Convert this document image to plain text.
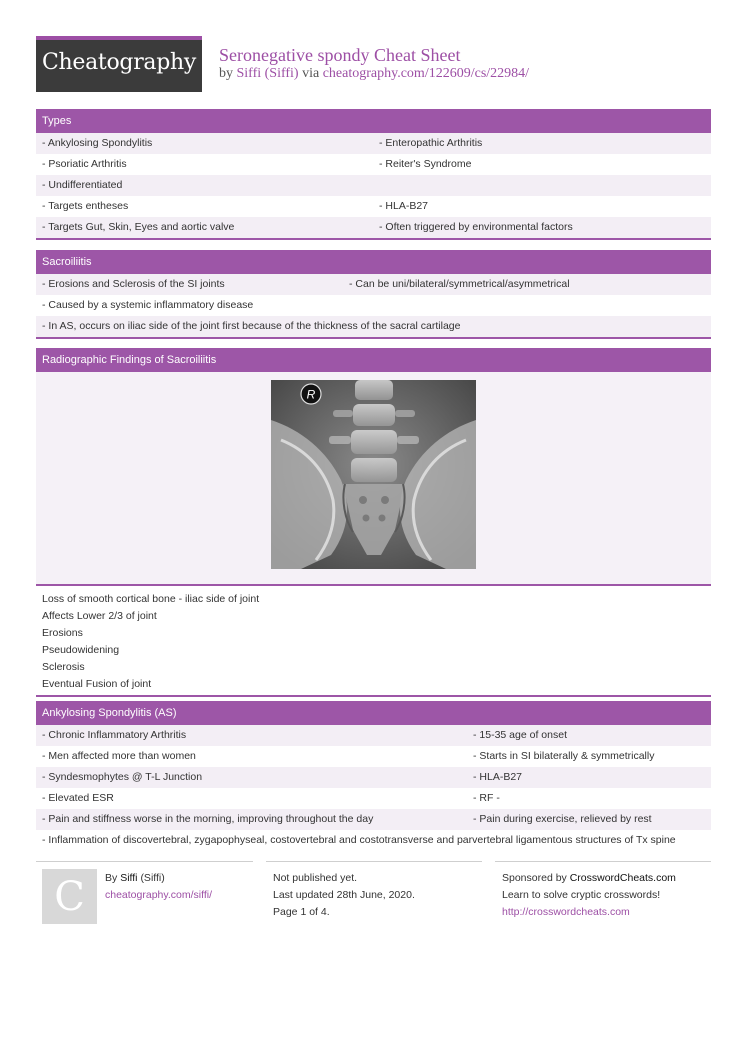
Cheatography	Seronegative spondy Cheat Sheet
by Siffi (Siffi) via cheatography.com/122609/cs/22984/
Types
- Ankylosing Spondylitis	- Enteropathic Arthritis
- Psoriatic Arthritis	- Reiter's Syndrome
- Undifferentiated
- Targets entheses	- HLA-B27
- Targets Gut, Skin, Eyes and aortic valve	- Often triggered by environmental factors
Sacroiliitis
- Erosions and Sclerosis of the SI joints	- Can be uni/bilateral/symmetrical/asymmetrical
- Caused by a systemic inflammatory disease
- In AS, occurs on iliac side of the joint first because of the thickness of the sacral cartilage
Radiographic Findings of Sacroiliitis
R
Loss of smooth cortical bone - iliac side of joint
Affects Lower 2/3 of joint
Erosions
Pseudowidening
Sclerosis
Eventual Fusion of joint
Ankylosing Spondylitis (AS)
- Chronic Inflammatory Arthritis	- 15-35 age of onset
- Men affected more than women	- Starts in SI bilaterally & symmetrically
- Syndesmophytes @ T-L Junction	- HLA-B27
- Elevated ESR	- RF -
- Pain and stiffness worse in the morning, improving throughout the day	- Pain during exercise, relieved by rest
- Inflammation of discovertebral, zygapophyseal, costovertebral and costotransverse and parvertebral ligamentous structures of Tx spine
C	By Siffi (Siffi)
cheatography.com/siffi/
Not published yet.
Last updated 28th June, 2020.
Page 1 of 4.
Sponsored by CrosswordCheats.com
Learn to solve cryptic crosswords!
http://crosswordcheats.com
